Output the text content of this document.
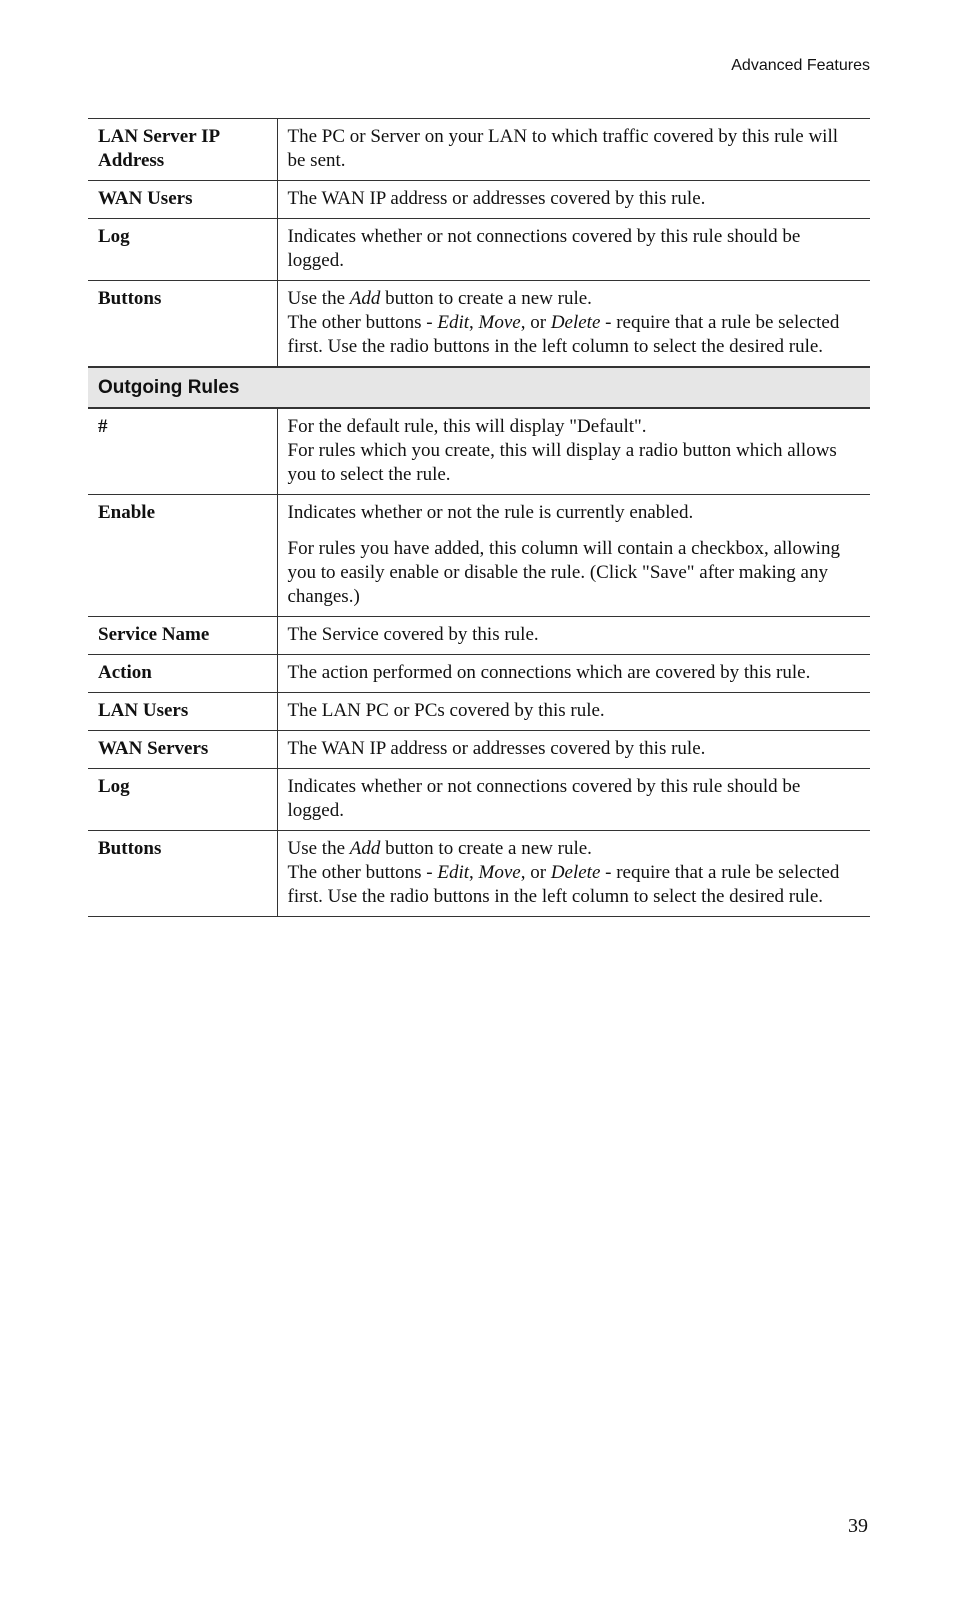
Advanced Features
LAN Server IP Address	The PC or Server on your LAN to which traffic covered by this rule will be sent.

WAN Users	The WAN IP address or addresses covered by this rule.

Log	Indicates whether or not connections covered by this rule should be logged.

Buttons	Use the Add button to create a new rule.
The other buttons - Edit, Move, or Delete - require that a rule be selected first. Use the radio buttons in the left column to select the desired rule.

Outgoing Rules	
#	For the default rule, this will display "Default".
For rules which you create, this will display a radio button which allows you to select the rule.

Enable	Indicates whether or not the rule is currently enabled.

For rules you have added, this column will contain a checkbox, allowing you to easily enable or disable the rule. (Click "Save" after making any changes.)

Service Name	The Service covered by this rule.

Action	The action performed on connections which are covered by this rule.

LAN Users	The LAN PC or PCs covered by this rule.

WAN Servers	The WAN IP address or addresses covered by this rule.

Log	Indicates whether or not connections covered by this rule should be logged.

Buttons	Use the Add button to create a new rule.
The other buttons - Edit, Move, or Delete - require that a rule be selected first. Use the radio buttons in the left column to select the desired rule.
39
